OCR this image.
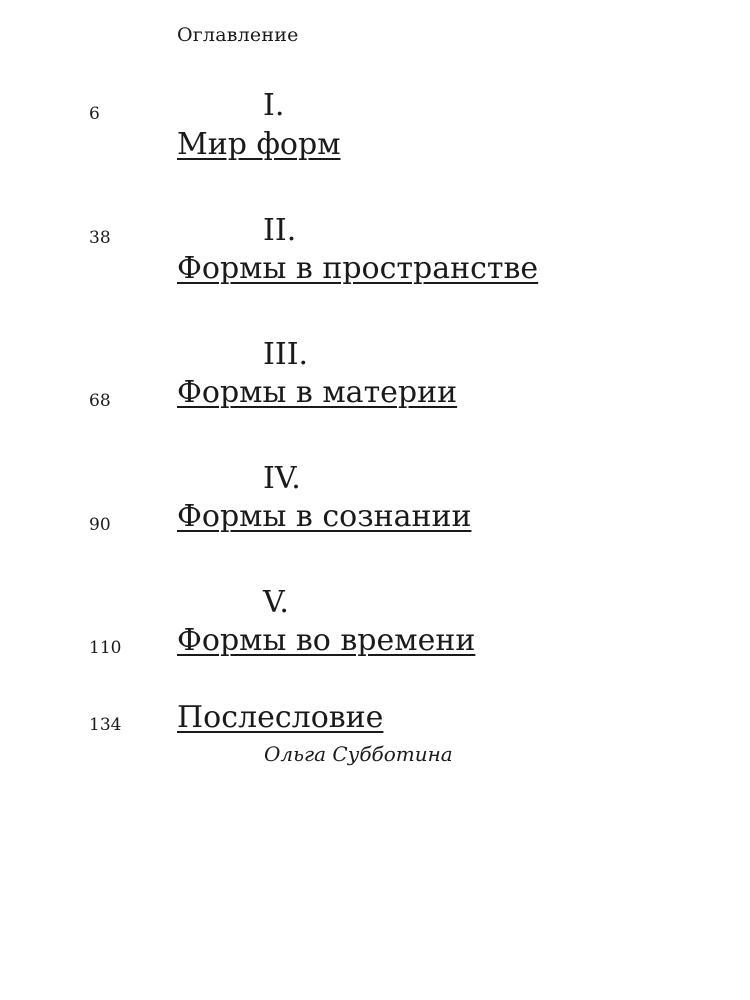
Оглавление
6	I.
Мир форм
38	II.
Формы в пространстве
68
III.
Формы в материи
90
IV.
Формы в сознании
110
V.
Формы во времени
134 Послесловие
Ольга Субботина
